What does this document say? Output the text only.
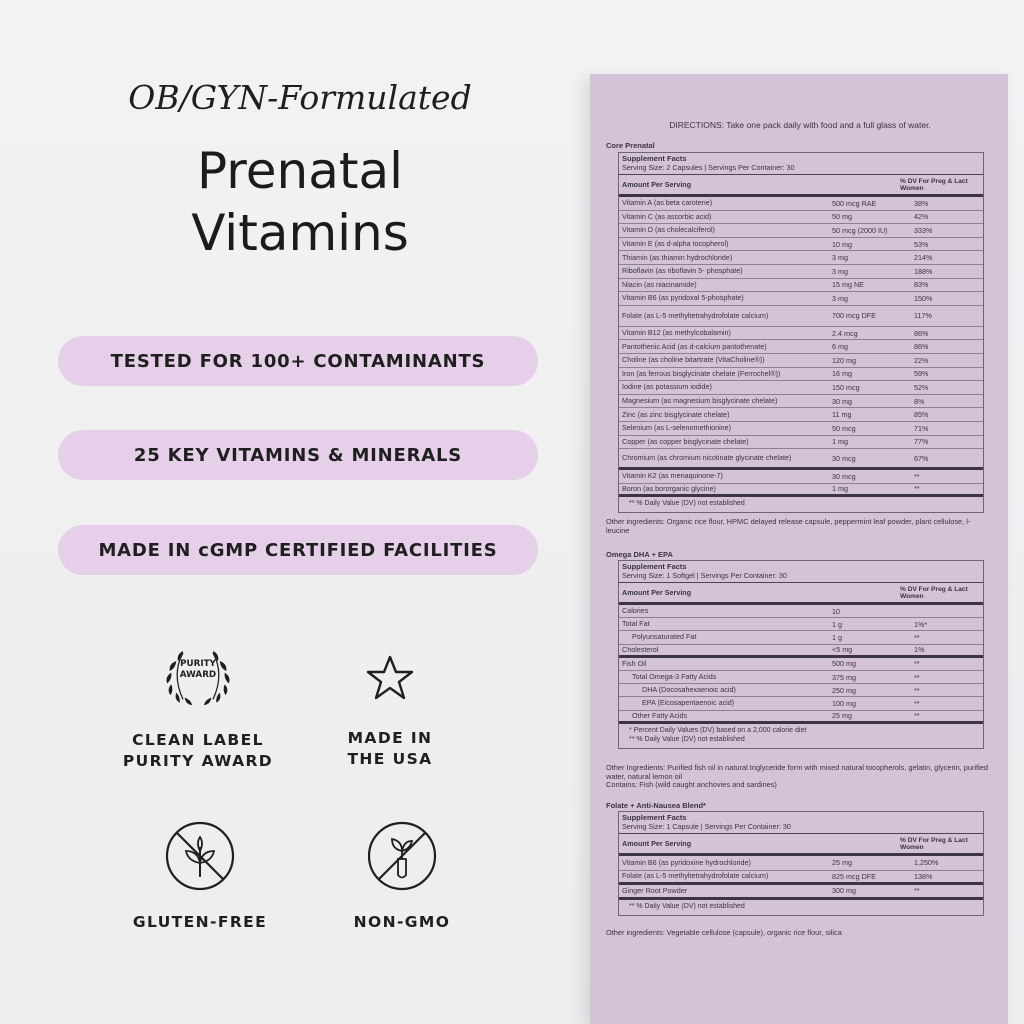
OB/GYN-Formulated
Prenatal
Vitamins
TESTED FOR 100+ CONTAMINANTS
25 KEY VITAMINS & MINERALS
MADE IN cGMP CERTIFIED FACILITIES
PURITY
AWARD
CLEAN LABEL
PURITY AWARD
MADE IN
THE USA
GLUTEN-FREE	NON-GMO
DIRECTIONS: Take one pack daily with food and a full glass of water.
Core Prenatal
Supplement Facts
Serving Size: 2 Capsules | Servings Per Container: 30
Amount Per Serving	% DV For Preg & Lact Women
Vitamin A (as beta carotene)	500 mcg RAE	38%
Vitamin C (as ascorbic acid)	50 mg	42%
Vitamin D (as cholecalciferol)	50 mcg (2000 IU)	333%
Vitamin E (as d-alpha tocopherol)	10 mg	53%
Thiamin (as thiamin hydrochloride)	3 mg	214%
Riboflavin (as riboflavin 5- phosphate)	3 mg	188%
Niacin (as niacinamide)	15 mg NE	83%
Vitamin B6 (as pyridoxal 5-phosphate)	3 mg	150%
Folate (as L-5 methyltetrahydrofolate calcium)	700 mcg DFE	117%
Vitamin B12 (as methylcobalamin)	2.4 mcg	86%
Pantothenic Acid (as d-calcium pantothenate)	6 mg	86%
Choline (as choline bitartrate (VitaCholine®))	120 mg	22%
Iron (as ferrous bisglycinate chelate (Ferrochel®))	16 mg	59%
Iodine (as potassium iodide)	150 mcg	52%
Magnesium (as magnesium bisglycinate chelate)	30 mg	8%
Zinc (as zinc bisglycinate chelate)	11 mg	85%
Selenium (as L-selenomethionine)	50 mcg	71%
Copper (as copper bisglycinate chelate)	1 mg	77%
Chromium (as chromium nicotinate glycinate chelate)	30 mcg	67%
Vitamin K2 (as menaquinone-7)	30 mcg	**
Boron (as bororganic glycine)	1 mg	**
** % Daily Value (DV) not established
Other ingredients: Organic rice flour, HPMC delayed release capsule, peppermint leaf powder, plant cellulose, l-leucine
Omega DHA + EPA
Supplement Facts
Serving Size: 1 Softgel | Servings Per Container: 30
Amount Per Serving	% DV For Preg & Lact Women
Calories	10
Total Fat	1 g	1%*
Polyunsaturated Fat	1 g	**
Cholesterol	<5 mg	1%
Fish Oil	500 mg	**
Total Omega-3 Fatty Acids	375 mg	**
DHA (Docosahexaenoic acid)	250 mg	**
EPA (Eicosapentaenoic acid)	100 mg	**
Other Fatty Acids	25 mg	**
* Percent Daily Values (DV) based on a 2,000 calorie diet
** % Daily Value (DV) not established
Other Ingredients: Purified fish oil in natural triglyceride form with mixed natural tocopherols, gelatin, glycerin, purified water, natural lemon oil
Contains: Fish (wild caught anchovies and sardines)
Folate + Anti-Nausea Blend*
Supplement Facts
Serving Size: 1 Capsule | Servings Per Container: 30
Amount Per Serving	% DV For Preg & Lact Women
Vitamin B6 (as pyridoxine hydrochloride)	25 mg	1,250%
Folate (as L-5 methyltetrahydrofolate calcium)	825 mcg DFE	138%
Ginger Root Powder	300 mg	**
** % Daily Value (DV) not established
Other ingredients: Vegetable cellulose (capsule), organic rice flour, silica
